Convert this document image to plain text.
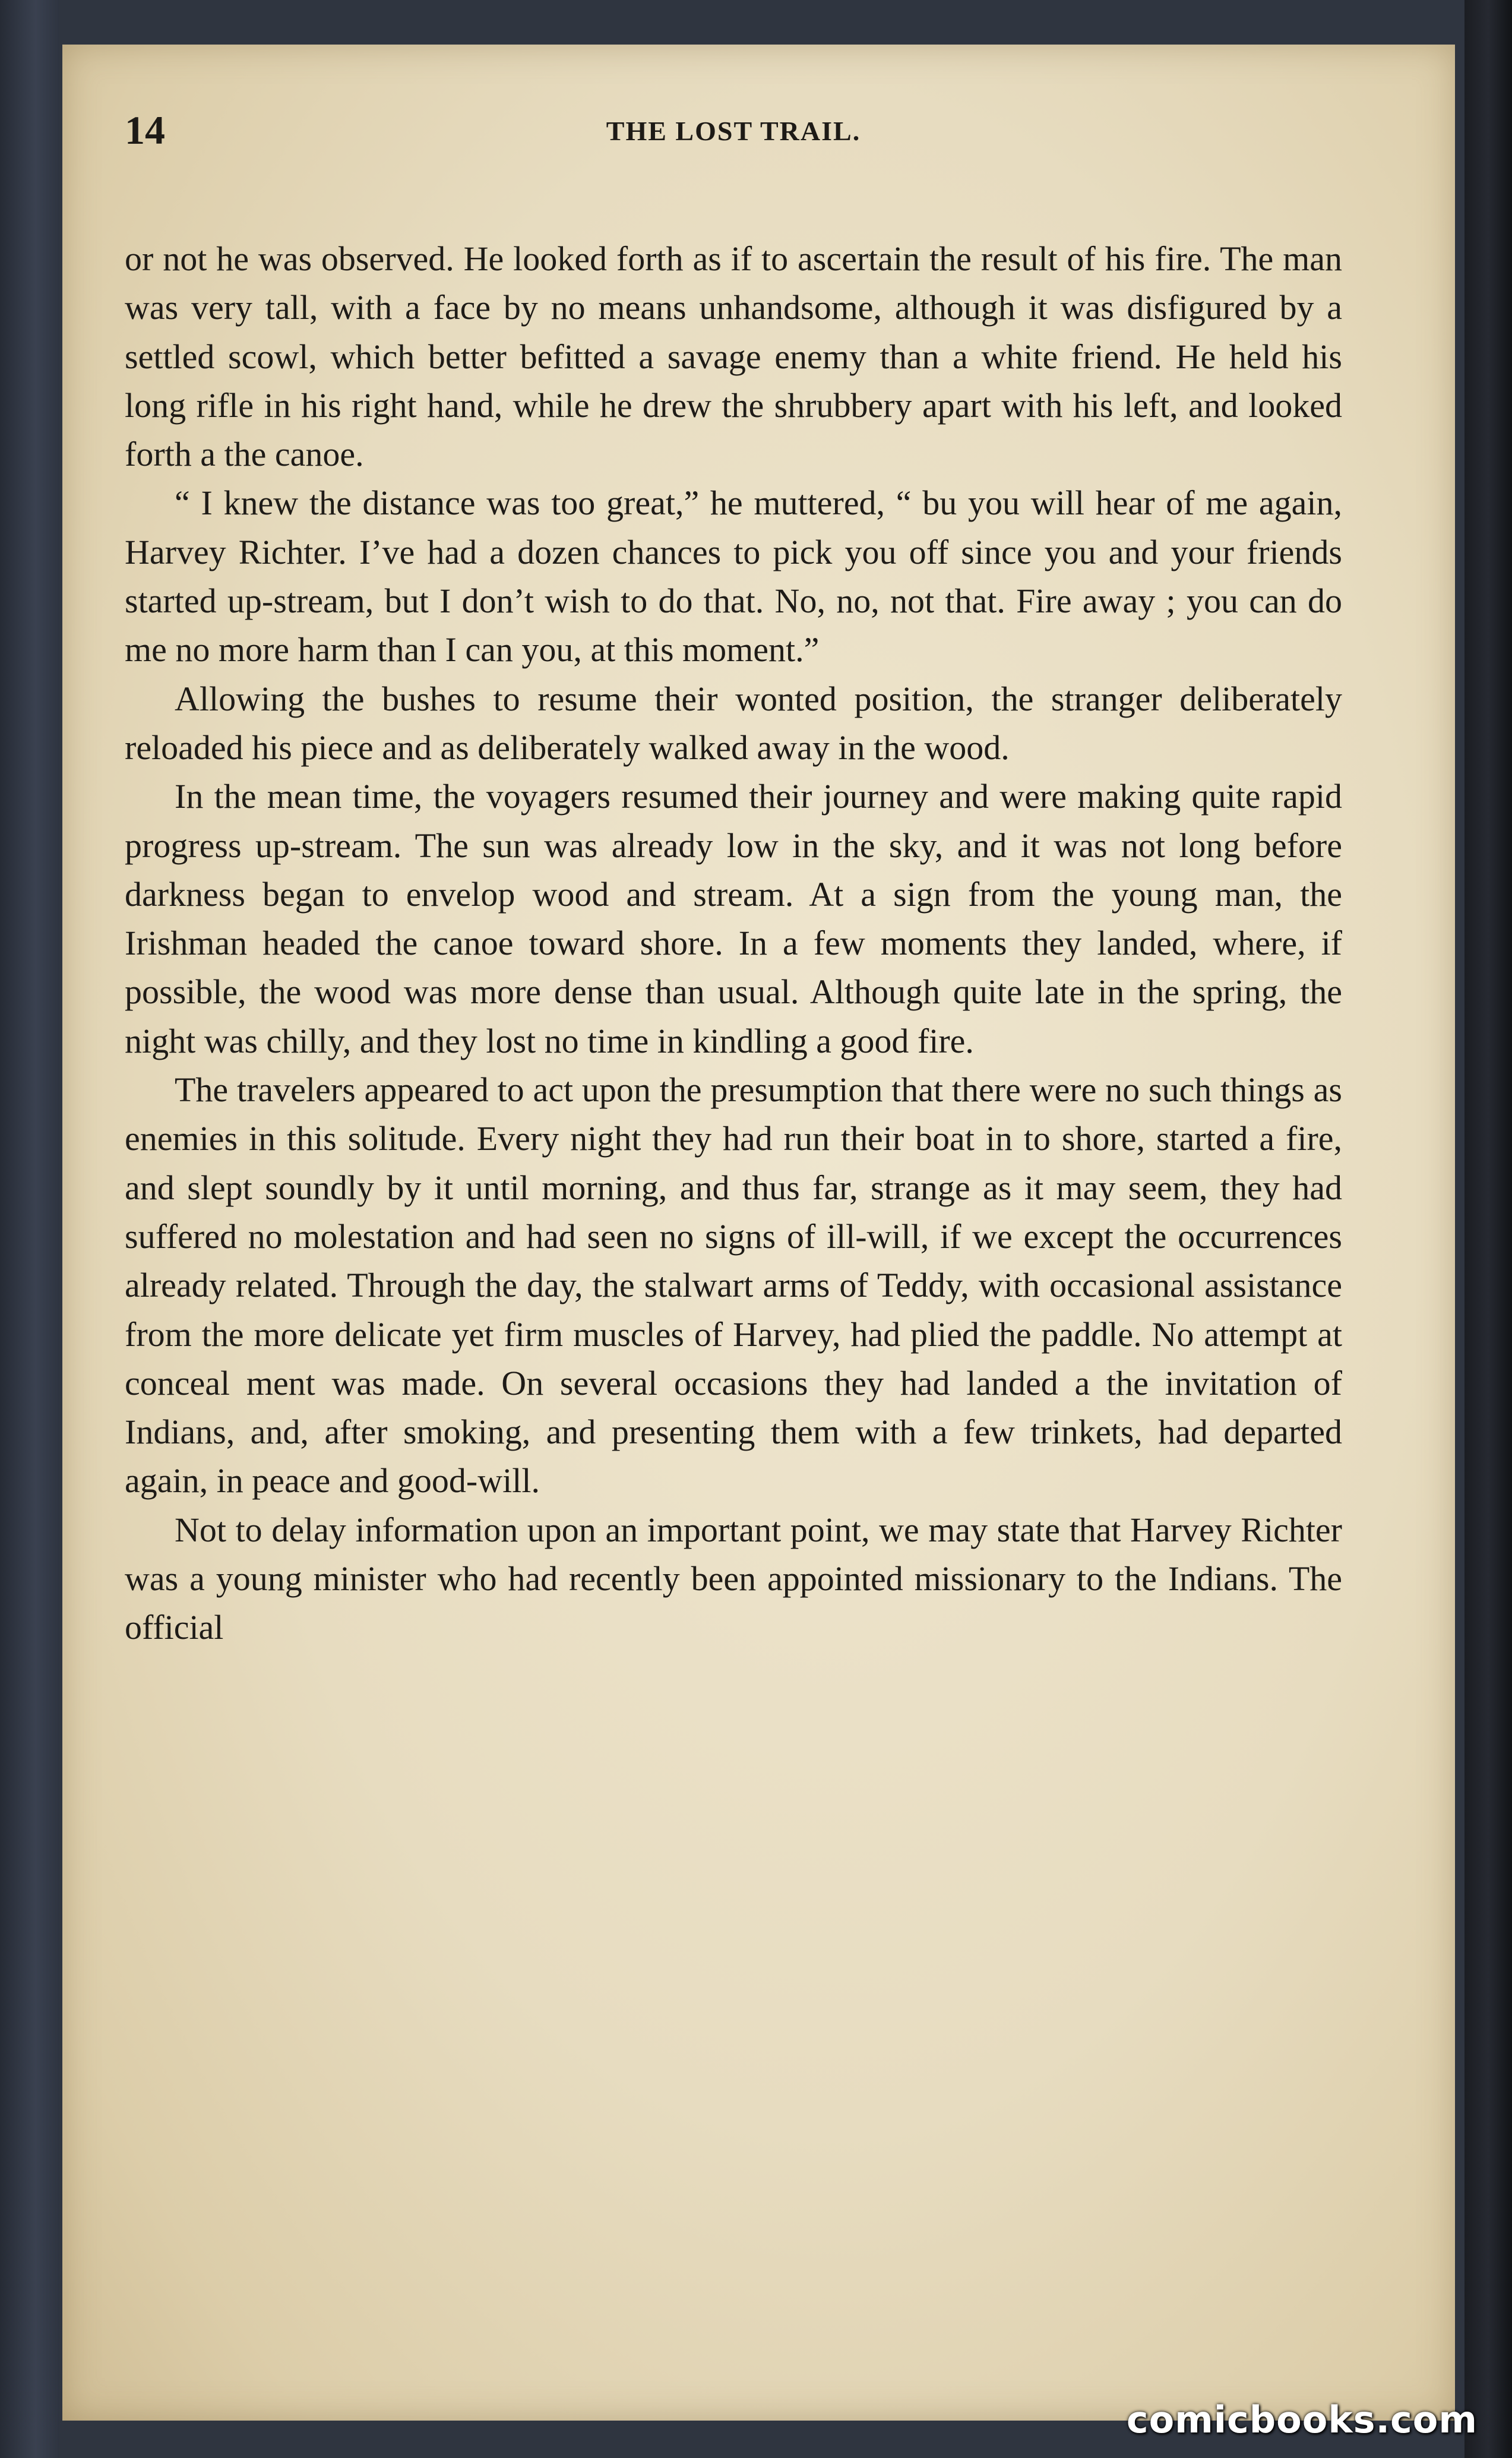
14	THE LOST TRAIL.

or not he was observed. He looked forth as if to ascertain the result of his fire. The man was very tall, with a face by no means unhandsome, although it was disfigured by a settled scowl, which better befitted a savage enemy than a white friend. He held his long rifle in his right hand, while he drew the shrubbery apart with his left, and looked forth a the canoe.

“ I knew the distance was too great,” he muttered, “ bu you will hear of me again, Harvey Richter. I’ve had a dozen chances to pick you off since you and your friends started up-stream, but I don’t wish to do that. No, no, not that. Fire away ; you can do me no more harm than I can you, at this moment.”

Allowing the bushes to resume their wonted position, the stranger deliberately reloaded his piece and as deliberately walked away in the wood.

In the mean time, the voyagers resumed their journey and were making quite rapid progress up-stream. The sun was already low in the sky, and it was not long before darkness began to envelop wood and stream. At a sign from the young man, the Irishman headed the canoe toward shore. In a few moments they landed, where, if possible, the wood was more dense than usual. Although quite late in the spring, the night was chilly, and they lost no time in kindling a good fire.

The travelers appeared to act upon the presumption that there were no such things as enemies in this solitude. Every night they had run their boat in to shore, started a fire, and slept soundly by it until morning, and thus far, strange as it may seem, they had suffered no molestation and had seen no signs of ill-will, if we except the occurrences already related. Through the day, the stalwart arms of Teddy, with occasional assistance from the more delicate yet firm muscles of Harvey, had plied the paddle. No attempt at conceal ment was made. On several occasions they had landed a the invitation of Indians, and, after smoking, and presenting them with a few trinkets, had departed again, in peace and good-will.

Not to delay information upon an important point, we may state that Harvey Richter was a young minister who had recently been appointed missionary to the Indians. The official

comicbooks.com
